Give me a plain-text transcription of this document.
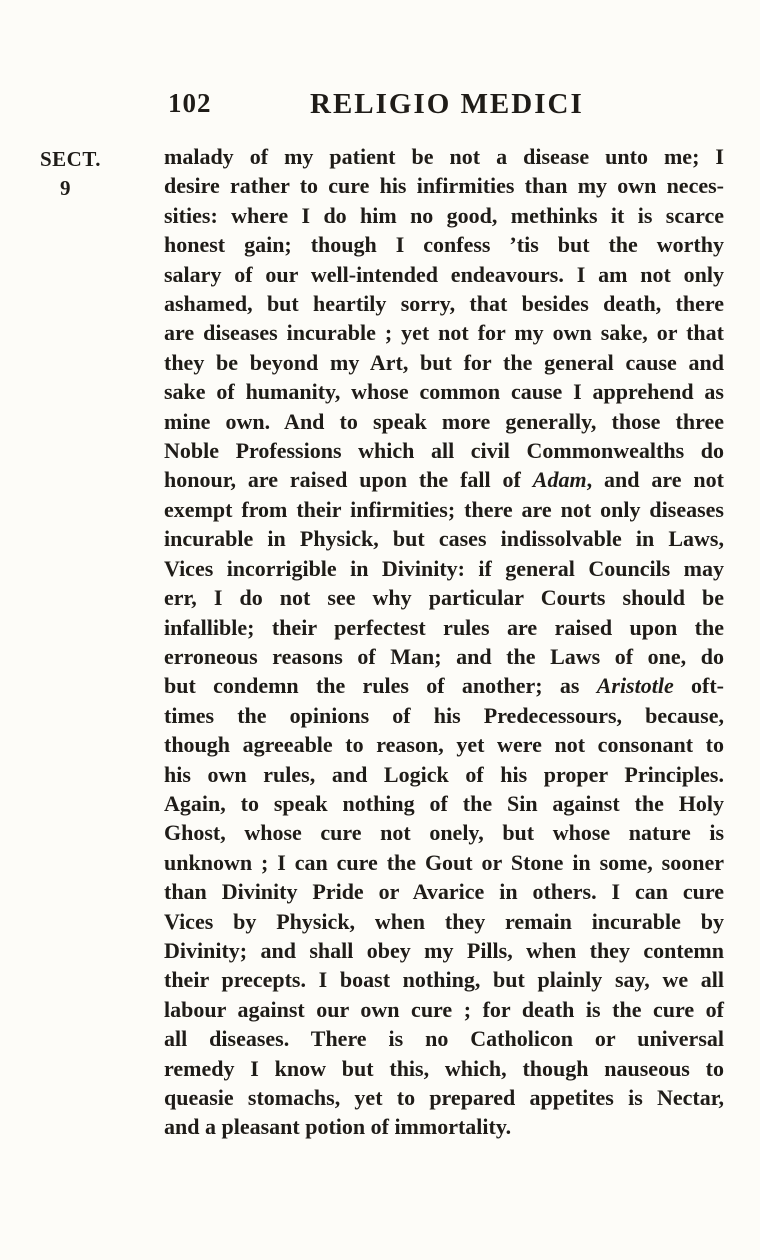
102	RELIGIO MEDICI
SECT.
9
malady of my patient be not a disease unto me; I
desire rather to cure his infirmities than my own neces-
sities: where I do him no good, methinks it is scarce
honest gain; though I confess ’tis but the worthy
salary of our well-intended endeavours. I am not only
ashamed, but heartily sorry, that besides death, there
are diseases incurable ; yet not for my own sake, or that
they be beyond my Art, but for the general cause and
sake of humanity, whose common cause I apprehend as
mine own. And to speak more generally, those three
Noble Professions which all civil Commonwealths do
honour, are raised upon the fall of Adam, and are not
exempt from their infirmities; there are not only diseases
incurable in Physick, but cases indissolvable in Laws,
Vices incorrigible in Divinity: if general Councils may
err, I do not see why particular Courts should be
infallible; their perfectest rules are raised upon the
erroneous reasons of Man; and the Laws of one, do
but condemn the rules of another; as Aristotle oft-
times the opinions of his Predecessours, because,
though agreeable to reason, yet were not consonant to
his own rules, and Logick of his proper Principles.
Again, to speak nothing of the Sin against the Holy
Ghost, whose cure not onely, but whose nature is
unknown ; I can cure the Gout or Stone in some, sooner
than Divinity Pride or Avarice in others. I can cure
Vices by Physick, when they remain incurable by
Divinity; and shall obey my Pills, when they contemn
their precepts. I boast nothing, but plainly say, we all
labour against our own cure ; for death is the cure of
all diseases. There is no Catholicon or universal
remedy I know but this, which, though nauseous to
queasie stomachs, yet to prepared appetites is Nectar,
and a pleasant potion of immortality.
